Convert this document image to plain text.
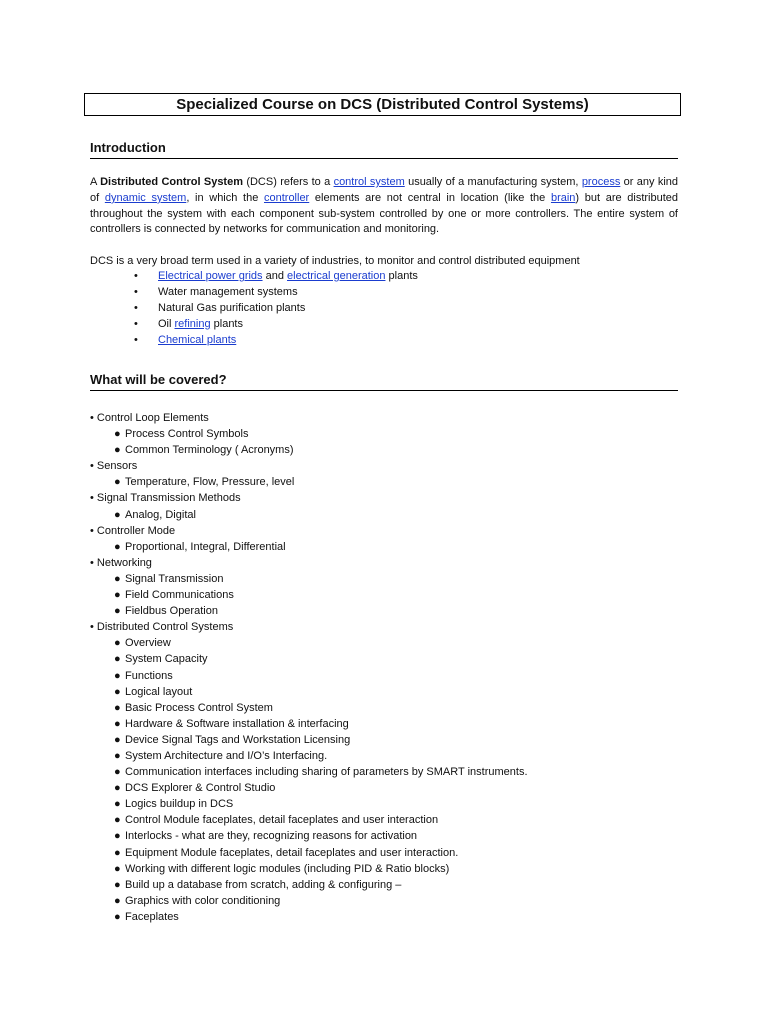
Specialized Course on DCS (Distributed Control Systems)
Introduction
A Distributed Control System (DCS) refers to a control system usually of a manufacturing system, process or any kind of dynamic system, in which the controller elements are not central in location (like the brain) but are distributed throughout the system with each component sub-system controlled by one or more controllers. The entire system of controllers is connected by networks for communication and monitoring.
DCS is a very broad term used in a variety of industries, to monitor and control distributed equipment
• Electrical power grids and electrical generation plants
• Water management systems
• Natural Gas purification plants
• Oil refining plants
• Chemical plants
What will be covered?
• Control Loop Elements
● Process Control Symbols
● Common Terminology ( Acronyms)
• Sensors
● Temperature, Flow, Pressure, level
• Signal Transmission Methods
● Analog, Digital
• Controller Mode
● Proportional, Integral, Differential
• Networking
● Signal Transmission
● Field Communications
● Fieldbus Operation
• Distributed Control Systems
● Overview
● System Capacity
● Functions
● Logical layout
● Basic Process Control System
● Hardware & Software installation & interfacing
● Device Signal Tags and Workstation Licensing
● System Architecture and I/O’s Interfacing.
● Communication interfaces including sharing of parameters by SMART instruments.
● DCS Explorer & Control Studio
● Logics buildup in DCS
● Control Module faceplates, detail faceplates and user interaction
● Interlocks - what are they, recognizing reasons for activation
● Equipment Module faceplates, detail faceplates and user interaction.
● Working with different logic modules (including PID & Ratio blocks)
● Build up a database from scratch, adding & configuring –
● Graphics with color conditioning
● Faceplates
